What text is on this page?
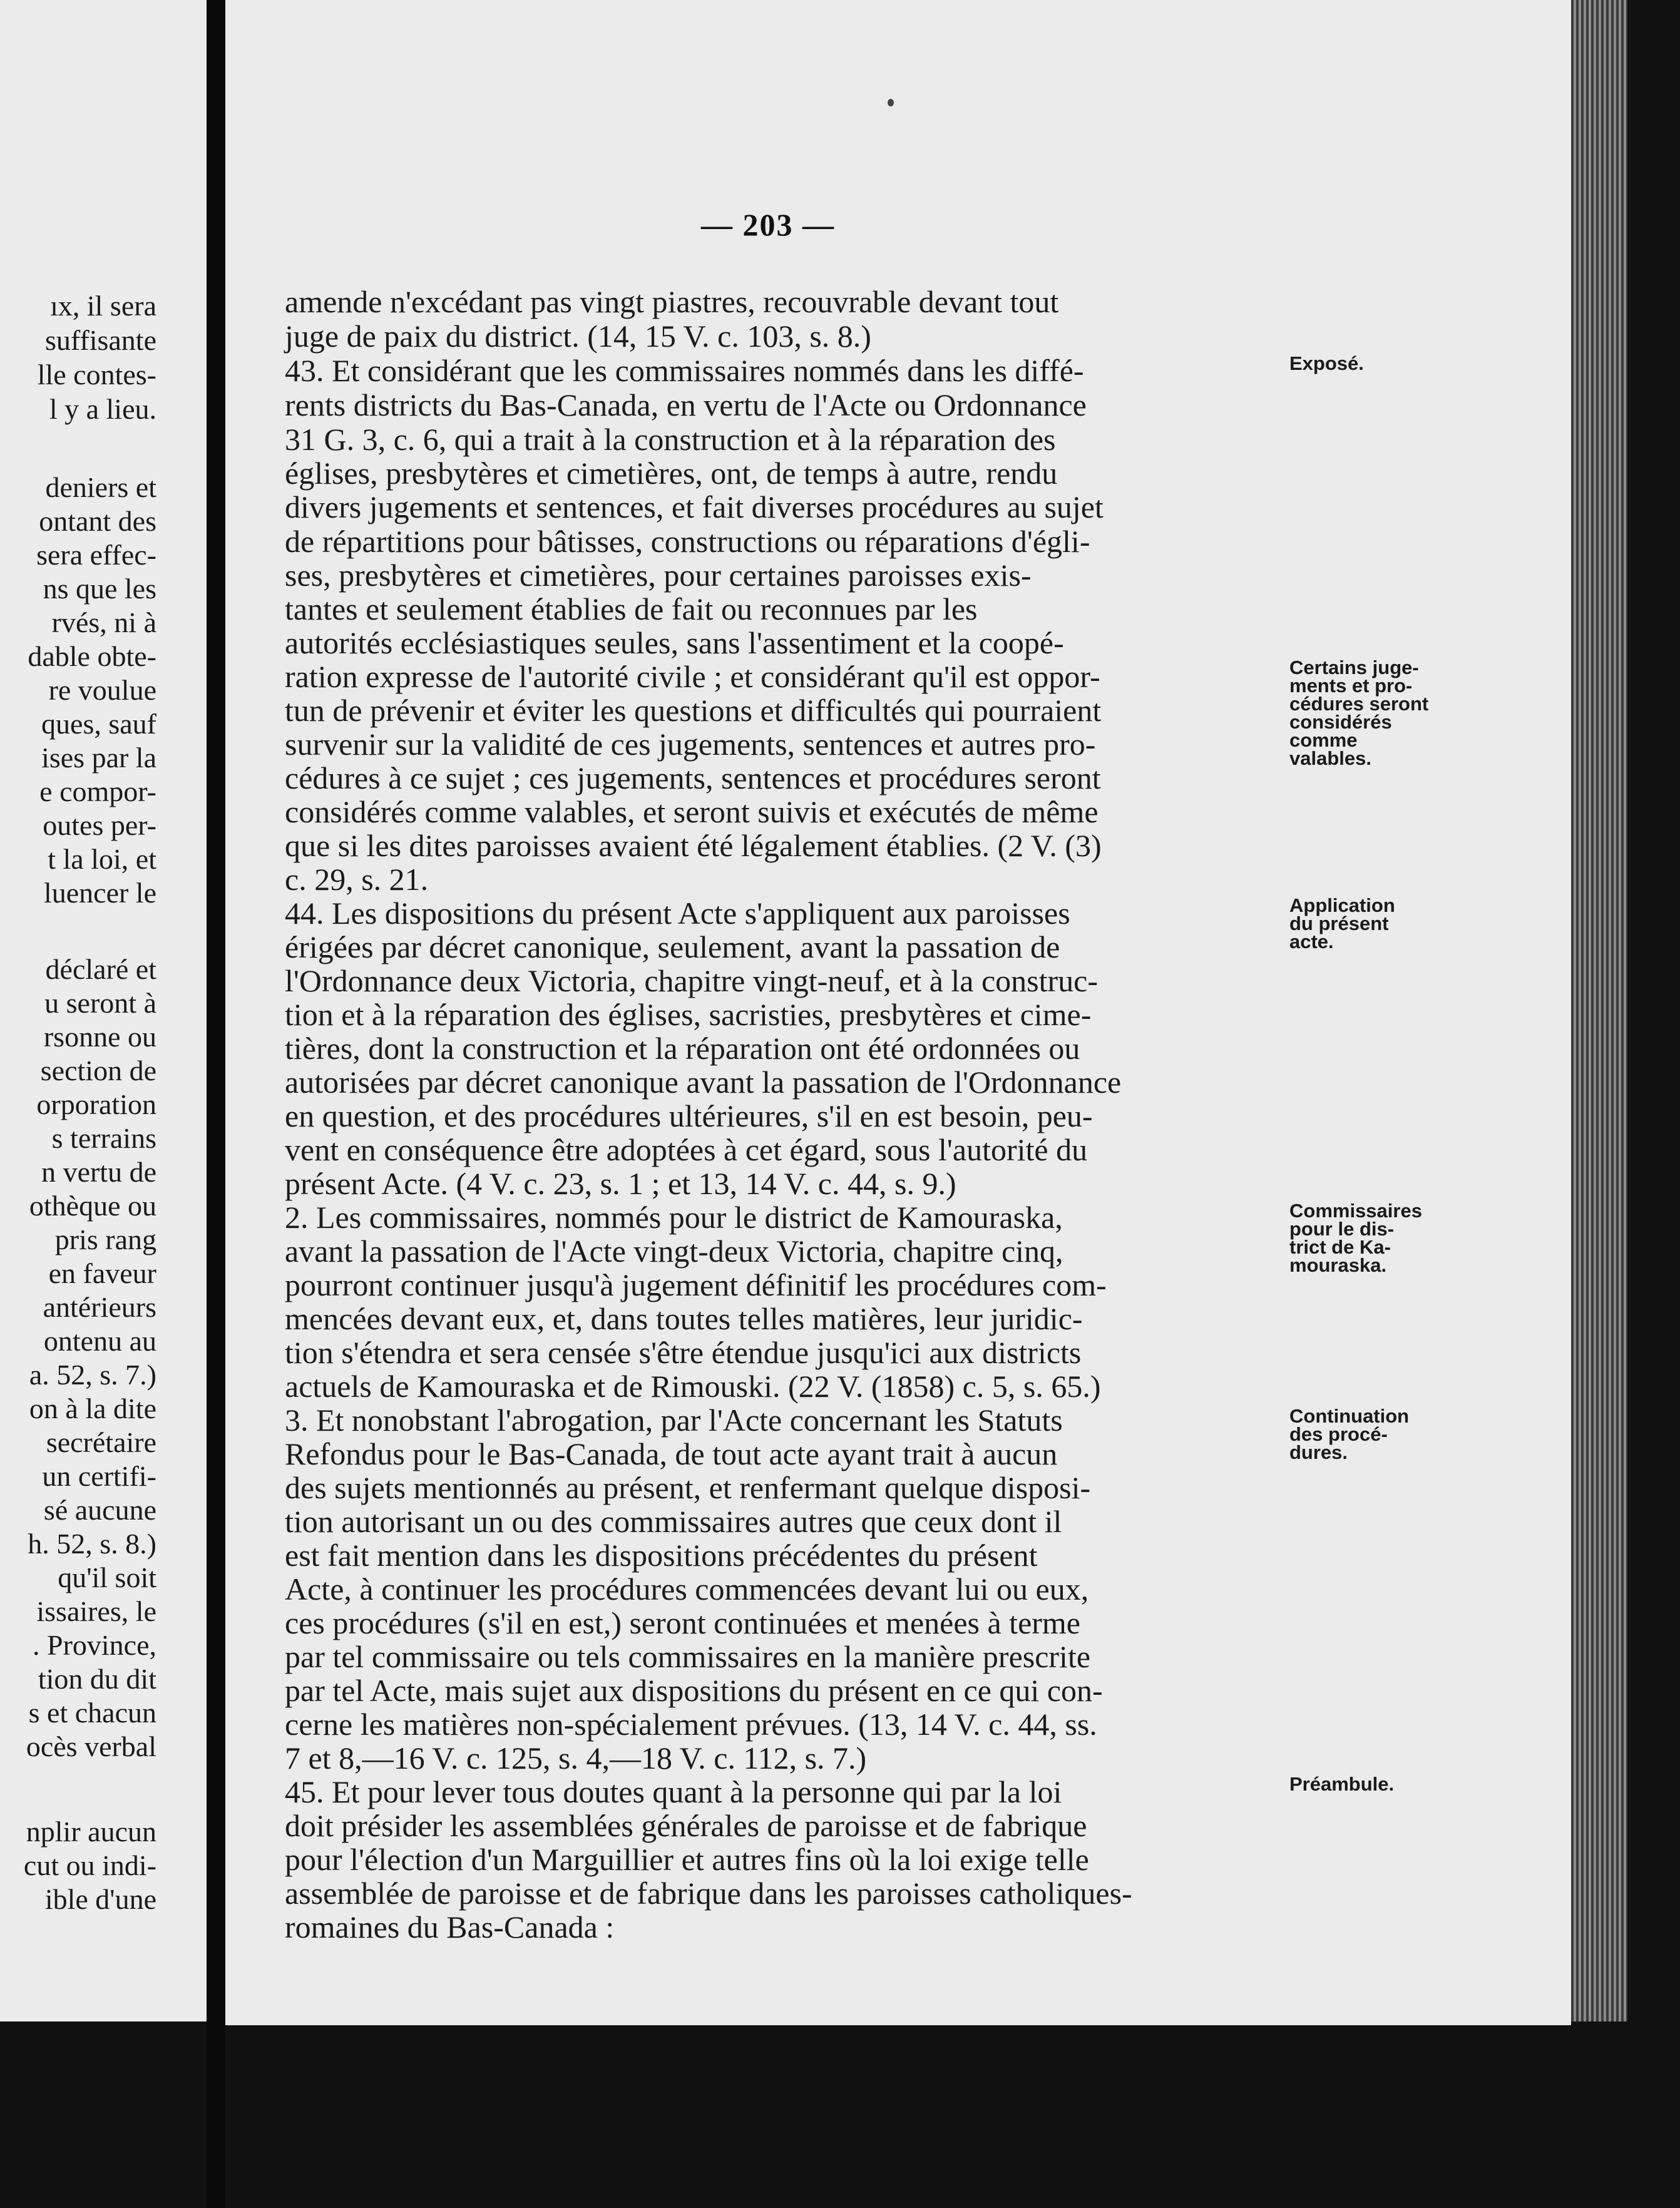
ıx, il sera
suffisante
lle contes-
l y a lieu.
deniers et
ontant des
sera effec-
ns que les
rvés, ni à
dable obte-
re voulue
ques, sauf
ises par la
e compor-
outes per-
t la loi, et
luencer le
déclaré et
u seront à
rsonne ou
section de
orporation
s terrains
n vertu de
othèque ou
pris rang
en faveur
antérieurs
ontenu au
a. 52, s. 7.)
on à la dite
secrétaire
un certifi-
sé aucune
h. 52, s. 8.)
qu'il soit
issaires, le
. Province,
tion du dit
s et chacun
ocès verbal
nplir aucun
cut ou indi-
ible d'une
— 203 —
amende n'excédant pas vingt piastres, recouvrable devant tout
juge de paix du district. (14, 15 V. c. 103, s. 8.)
43. Et considérant que les commissaires nommés dans les diffé-
rents districts du Bas-Canada, en vertu de l'Acte ou Ordonnance
31 G. 3, c. 6, qui a trait à la construction et à la réparation des
églises, presbytères et cimetières, ont, de temps à autre, rendu
divers jugements et sentences, et fait diverses procédures au sujet
de répartitions pour bâtisses, constructions ou réparations d'égli-
ses, presbytères et cimetières, pour certaines paroisses exis-
tantes et seulement établies de fait ou reconnues par les
autorités ecclésiastiques seules, sans l'assentiment et la coopé-
ration expresse de l'autorité civile ; et considérant qu'il est oppor-
tun de prévenir et éviter les questions et difficultés qui pourraient
survenir sur la validité de ces jugements, sentences et autres pro-
cédures à ce sujet ; ces jugements, sentences et procédures seront
considérés comme valables, et seront suivis et exécutés de même
que si les dites paroisses avaient été légalement établies. (2 V. (3)
c. 29, s. 21.
44. Les dispositions du présent Acte s'appliquent aux paroisses
érigées par décret canonique, seulement, avant la passation de
l'Ordonnance deux Victoria, chapitre vingt-neuf, et à la construc-
tion et à la réparation des églises, sacristies, presbytères et cime-
tières, dont la construction et la réparation ont été ordonnées ou
autorisées par décret canonique avant la passation de l'Ordonnance
en question, et des procédures ultérieures, s'il en est besoin, peu-
vent en conséquence être adoptées à cet égard, sous l'autorité du
présent Acte. (4 V. c. 23, s. 1 ; et 13, 14 V. c. 44, s. 9.)
2. Les commissaires, nommés pour le district de Kamouraska,
avant la passation de l'Acte vingt-deux Victoria, chapitre cinq,
pourront continuer jusqu'à jugement définitif les procédures com-
mencées devant eux, et, dans toutes telles matières, leur juridic-
tion s'étendra et sera censée s'être étendue jusqu'ici aux districts
actuels de Kamouraska et de Rimouski. (22 V. (1858) c. 5, s. 65.)
3. Et nonobstant l'abrogation, par l'Acte concernant les Statuts
Refondus pour le Bas-Canada, de tout acte ayant trait à aucun
des sujets mentionnés au présent, et renfermant quelque disposi-
tion autorisant un ou des commissaires autres que ceux dont il
est fait mention dans les dispositions précédentes du présent
Acte, à continuer les procédures commencées devant lui ou eux,
ces procédures (s'il en est,) seront continuées et menées à terme
par tel commissaire ou tels commissaires en la manière prescrite
par tel Acte, mais sujet aux dispositions du présent en ce qui con-
cerne les matières non-spécialement prévues. (13, 14 V. c. 44, ss.
7 et 8,—16 V. c. 125, s. 4,—18 V. c. 112, s. 7.)
45. Et pour lever tous doutes quant à la personne qui par la loi
doit présider les assemblées générales de paroisse et de fabrique
pour l'élection d'un Marguillier et autres fins où la loi exige telle
assemblée de paroisse et de fabrique dans les paroisses catholiques-
romaines du Bas-Canada :
Exposé.
Certains juge-
ments et pro-
cédures seront
considérés
comme
valables.
Application
du présent
acte.
Commissaires
pour le dis-
trict de Ka-
mouraska.
Continuation
des procé-
dures.
Préambule.
